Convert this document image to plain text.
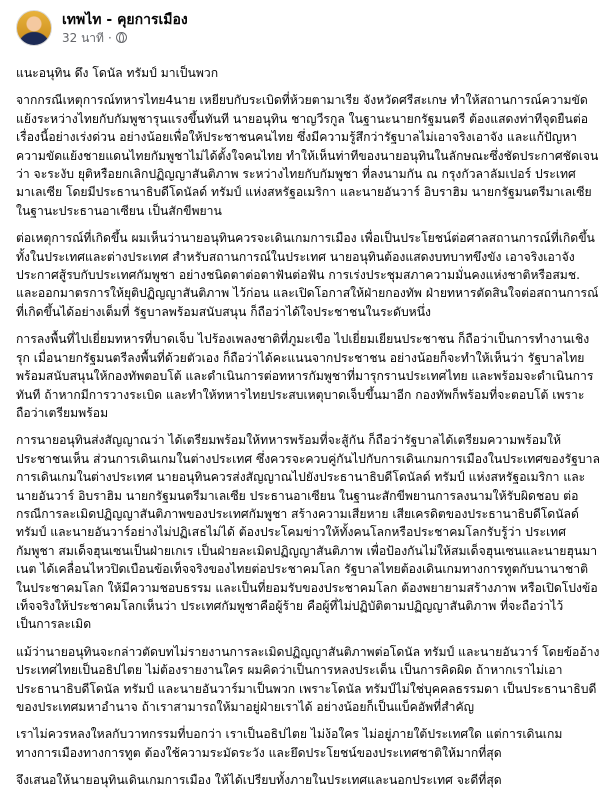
เทพไท - คุยการเมือง
32 นาที ·

แนะอนุทิน ดึง โดนัล ทรัมป์ มาเป็นพวก

จากกรณีเหตุการณ์ทหารไทย4นาย เหยียบกับระเบิดที่ห้วยตามาเรีย จังหวัดศรีสะเกษ ทำให้สถานการณ์ความขัดแย้งระหว่างไทยกับกัมพูชารุนแรงขึ้นทันที นายอนุทิน ชาญวีรกูล ในฐานะนายกรัฐมนตรี ต้องแสดงท่าทีจุดยืนต่อเรื่องนี้อย่างเร่งด่วน อย่างน้อยเพื่อให้ประชาชนคนไทย ซึ่งมีความรู้สึกว่ารัฐบาลไม่เอาจริงเอาจัง และแก้ปัญหาความขัดแย้งชายแดนไทยกัมพูชาไม่ได้ตั้งใจคนไทย ทำให้เห็นท่าทีของนายอนุทินในลักษณะซึ่งชัดประกาศชัดเจนว่า จะระงับ ยุติหรือยกเลิกปฏิญญาสันติภาพ ระหว่างไทยกับกัมพูชา ที่ลงนามกัน ณ กรุงกัวลาลัมเปอร์ ประเทศมาเลเซีย โดยมีประธานาธิบดีโดนัลด์ ทรัมป์ แห่งสหรัฐอเมริกา และนายอันวาร์ อิบราฮิม นายกรัฐมนตรีมาเลเซีย ในฐานะประธานอาเซียน เป็นสักขีพยาน

ต่อเหตุการณ์ที่เกิดขึ้น ผมเห็นว่านายอนุทินควรจะเดินเกมการเมือง เพื่อเป็นประโยชน์ต่อศาลสถานการณ์ที่เกิดขึ้น ทั้งในประเทศและต่างประเทศ สำหรับสถานการณ์ในประเทศ นายอนุทินต้องแสดงบทบาทขึงขัง เอาจริงเอาจัง ประกาศสู้รบกับประเทศกัมพูชา อย่างชนิดตาต่อตาฟันต่อฟัน การเร่งประชุมสภาความมั่นคงแห่งชาติหรือสมช. และออกมาตรการให้ยุติปฏิญญาสันติภาพ ไว้ก่อน และเปิดโอกาสให้ฝ่ายกองทัพ ฝ่ายทหารตัดสินใจต่อสถานการณ์ที่เกิดขึ้นได้อย่างเต็มที่ รัฐบาลพร้อมสนับสนุน ก็ถือว่าได้ใจประชาชนในระดับหนึ่ง

การลงพื้นที่ไปเยี่ยมทหารที่บาดเจ็บ ไปร้องเพลงชาติที่ภูมะเขือ ไปเยี่ยมเยียนประชาชน ก็ถือว่าเป็นการทำงานเชิงรุก เมื่อนายกรัฐมนตรีลงพื้นที่ด้วยตัวเอง ก็ถือว่าได้คะแนนจากประชาชน อย่างน้อยก็จะทำให้เห็นว่า รัฐบาลไทยพร้อมสนับสนุนให้กองทัพตอบโต้ และดำเนินการต่อทหารกัมพูชาที่มารุกรานประเทศไทย และพร้อมจะดำเนินการทันที ถ้าหากมีการวางระเบิด และทำให้ทหารไทยประสบเหตุบาดเจ็บขึ้นมาอีก กองทัพก็พร้อมที่จะตอบโต้ เพราะถือว่าเตรียมพร้อม

การนายอนุทินส่งสัญญาณว่า ได้เตรียมพร้อมให้ทหารพร้อมที่จะสู้กัน ก็ถือว่ารัฐบาลได้เตรียมความพร้อมให้ประชาชนเห็น ส่วนการเดินเกมในต่างประเทศ ซึ่งควรจะควบคู่กันไปกับการเดินเกมการเมืองในประเทศของรัฐบาล การเดินเกมในต่างประเทศ นายอนุทินควรส่งสัญญาณไปยังประธานาธิบดีโดนัลด์ ทรัมป์ แห่งสหรัฐอเมริกา และนายอันวาร์ อิบราฮิม นายกรัฐมนตรีมาเลเซีย ประธานอาเซียน ในฐานะสักขีพยานการลงนามให้รับผิดชอบ ต่อกรณีการละเมิดปฏิญญาสันติภาพของประเทศกัมพูชา สร้างความเสียหาย เสียเครดิตของประธานาธิบดีโดนัลด์ ทรัมป์ และนายอันวาร์อย่างไม่ปฏิเสธไม่ได้ ต้องประโคมข่าวให้ทั้งคนโลกหรือประชาคมโลกรับรู้ว่า ประเทศกัมพูชา สมเด็จฮุนเซนเป็นฝ่ายเกเร เป็นฝ่ายละเมิดปฏิญญาสันติภาพ เพื่อป้องกันไม่ให้สมเด็จฮุนเซนและนายฮุนมาเนต ได้เคลื่อนไหวปิดเบือนข้อเท็จจริงของไทยต่อประชาคมโลก รัฐบาลไทยต้องเดินเกมทางการทูตกับนานาชาติ ในประชาคมโลก ให้มีความชอบธรรม และเป็นที่ยอมรับของประชาคมโลก ต้องพยายามสร้างภาพ หรือเปิดโปงข้อเท็จจริงให้ประชาคมโลกเห็นว่า ประเทศกัมพูชาคือผู้ร้าย คือผู้ที่ไม่ปฏิบัติตามปฏิญญาสันติภาพ ที่จะถือว่าไว้เป็นการละเมิด

แม้ว่านายอนุทินจะกล่าวตัดบทไม่รายงานการละเมิดปฏิญญาสันติภาพต่อโดนัล ทรัมป์ และนายอันวาร์ โดยข้ออ้างประเทศไทยเป็นอธิปไตย ไม่ต้องรายงานใคร ผมคิดว่าเป็นการหลงประเด็น เป็นการคิดผิด ถ้าหากเราไม่เอาประธานาธิบดีโดนัล ทรัมป์ และนายอันวาร์มาเป็นพวก เพราะโดนัล ทรัมป์ไม่ใช่บุคคลธรรมดา เป็นประธานาธิบดีของประเทศมหาอำนาจ ถ้าเราสามารถให้มาอยู่ฝ่ายเราได้ อย่างน้อยก็เป็นแบ็คอัพที่สำคัญ

เราไม่ควรหลงใหลกับวาทกรรมที่บอกว่า เราเป็นอธิปไตย ไม่ง้อใคร ไม่อยู่ภายใต้ประเทศใด แต่การเดินเกมทางการเมืองทางการทูต ต้องใช้ความระมัดระวัง และยึดประโยชน์ของประเทศชาติให้มากที่สุด

จึงเสนอให้นายอนุทินเดินเกมการเมือง ให้ได้เปรียบทั้งภายในประเทศและนอกประเทศ จะดีที่สุด
